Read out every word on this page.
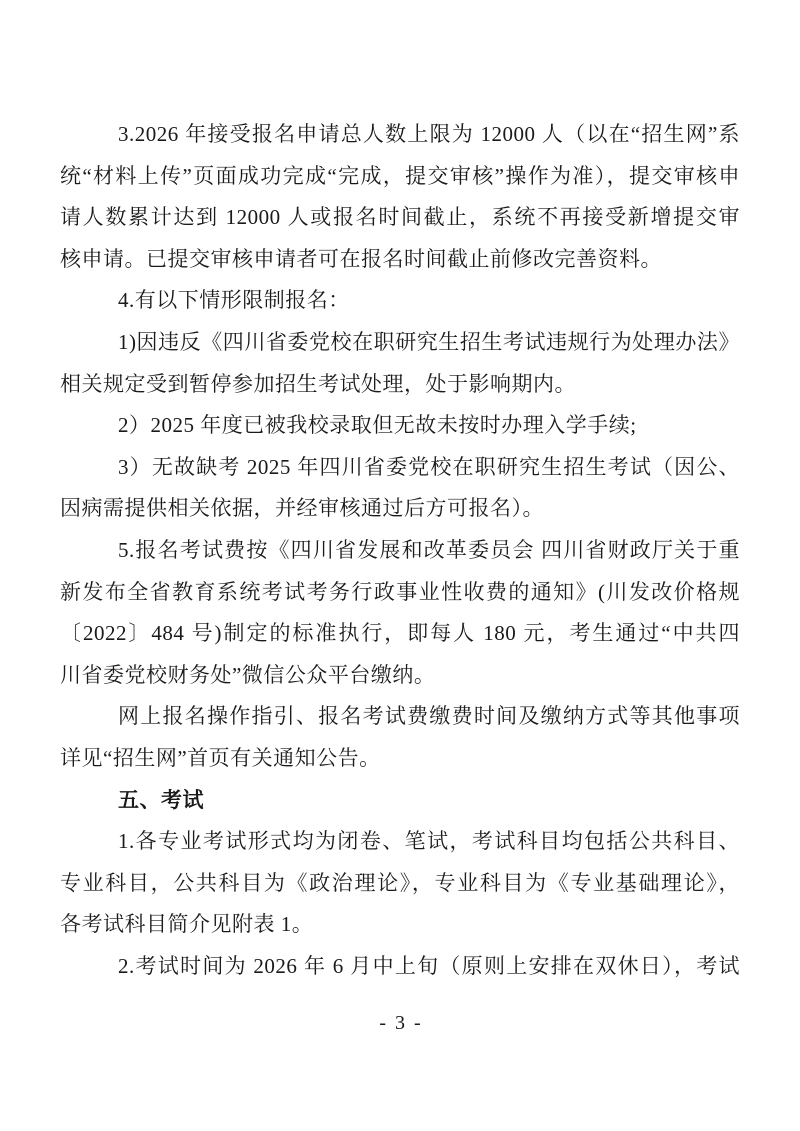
3.2026 年接受报名申请总人数上限为 12000 人（以在“招生网”系
统“材料上传”页面成功完成“完成，提交审核”操作为准），提交审核申
请人数累计达到 12000 人或报名时间截止，系统不再接受新增提交审
核申请。已提交审核申请者可在报名时间截止前修改完善资料。
4.有以下情形限制报名：
1)因违反《四川省委党校在职研究生招生考试违规行为处理办法》
相关规定受到暂停参加招生考试处理，处于影响期内。
2）2025 年度已被我校录取但无故未按时办理入学手续;
3）无故缺考 2025 年四川省委党校在职研究生招生考试（因公、
因病需提供相关依据，并经审核通过后方可报名）。
5.报名考试费按《四川省发展和改革委员会 四川省财政厅关于重
新发布全省教育系统考试考务行政事业性收费的通知》(川发改价格规
〔2022〕484 号)制定的标准执行，即每人 180 元，考生通过“中共四
川省委党校财务处”微信公众平台缴纳。
网上报名操作指引、报名考试费缴费时间及缴纳方式等其他事项
详见“招生网”首页有关通知公告。
五、考试
1.各专业考试形式均为闭卷、笔试，考试科目均包括公共科目、
专业科目，公共科目为《政治理论》，专业科目为《专业基础理论》，
各考试科目简介见附表 1。
2.考试时间为 2026 年 6 月中上旬（原则上安排在双休日），考试
- 3 -
